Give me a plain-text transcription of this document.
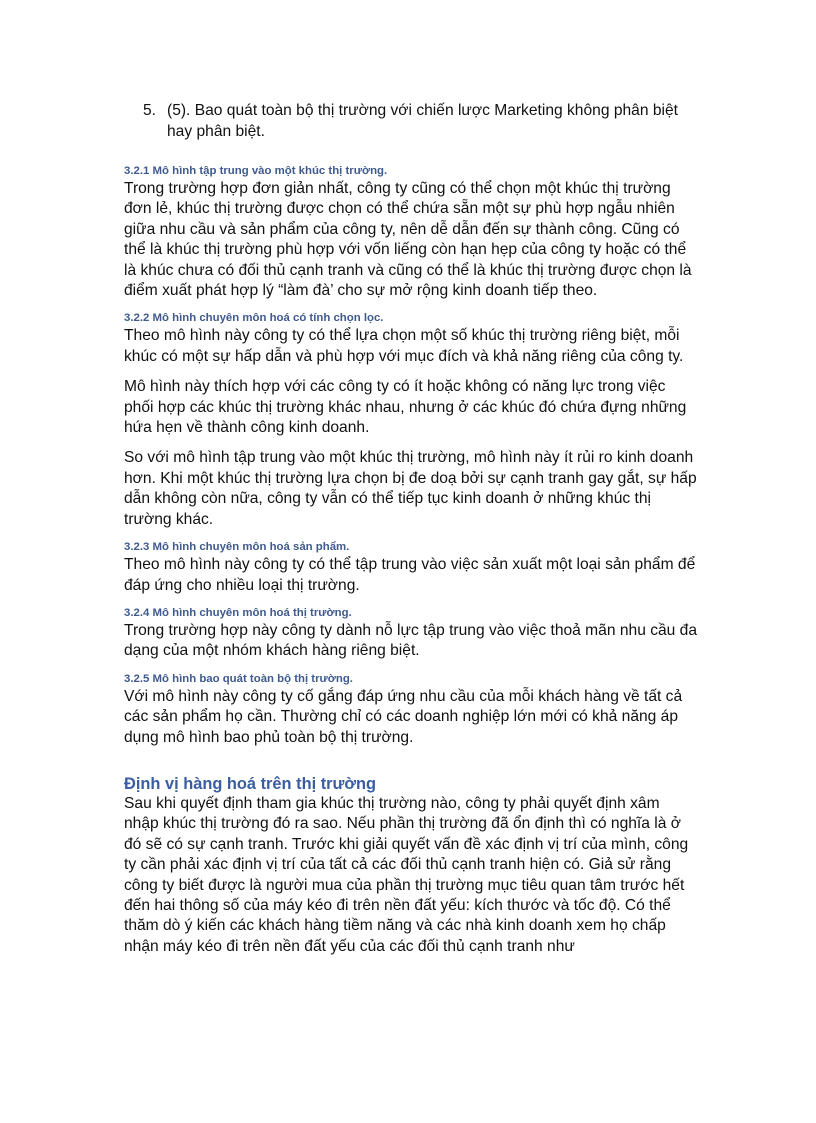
5. (5). Bao quát toàn bộ thị trường với chiến lược Marketing không phân biệt hay phân biệt.
3.2.1 Mô hình tập trung vào một khúc thị trường.

Trong trường hợp đơn giản nhất, công ty cũng có thể chọn một khúc thị trường đơn lẻ, khúc thị trường được chọn có thể chứa sẵn một sự phù hợp ngẫu nhiên giữa nhu cầu và sản phẩm của công ty, nên dễ dẫn đến sự thành công. Cũng có thể là khúc thị trường phù hợp với vốn liếng còn hạn hẹp của công ty hoặc có thể là khúc chưa có đối thủ cạnh tranh và cũng có thể là khúc thị trường được chọn là điểm xuất phát hợp lý “làm đà’ cho sự mở rộng kinh doanh tiếp theo.

3.2.2 Mô hình chuyên môn hoá có tính chọn lọc.

Theo mô hình này công ty có thể lựa chọn một số khúc thị trường riêng biệt, mỗi khúc có một sự hấp dẫn và phù hợp với mục đích và khả năng riêng của công ty.

Mô hình này thích hợp với các công ty có ít hoặc không có năng lực trong việc phối hợp các khúc thị trường khác nhau, nhưng ở các khúc đó chứa đựng những hứa hẹn về thành công kinh doanh.

So với mô hình tập trung vào một khúc thị trường, mô hình này ít rủi ro kinh doanh hơn. Khi một khúc thị trường lựa chọn bị đe doạ bởi sự cạnh tranh gay gắt, sự hấp dẫn không còn nữa, công ty vẫn có thể tiếp tục kinh doanh ở những khúc thị trường khác.

3.2.3 Mô hình chuyên môn hoá sản phẩm.

Theo mô hình này công ty có thể tập trung vào việc sản xuất một loại sản phẩm để đáp ứng cho nhiều loại thị trường.

3.2.4 Mô hình chuyên môn hoá thị trường.

Trong trường hợp này công ty dành nỗ lực tập trung vào việc thoả mãn nhu cầu đa dạng của một nhóm khách hàng riêng biệt.

3.2.5 Mô hình bao quát toàn bộ thị trường.

Với mô hình này công ty cố gắng đáp ứng nhu cầu của mỗi khách hàng về tất cả các sản phẩm họ cần. Thường chỉ có các doanh nghiệp lớn mới có khả năng áp dụng mô hình bao phủ toàn bộ thị trường.

Định vị hàng hoá trên thị trường

Sau khi quyết định tham gia khúc thị trường nào, công ty phải quyết định xâm nhập khúc thị trường đó ra sao. Nếu phần thị trường đã ổn định thì có nghĩa là ở đó sẽ có sự cạnh tranh. Trước khi giải quyết vấn đề xác định vị trí của mình, công ty cần phải xác định vị trí của tất cả các đối thủ cạnh tranh hiện có. Giả sử rằng công ty biết được là người mua của phần thị trường mục tiêu quan tâm trước hết đến hai thông số của máy kéo đi trên nền đất yếu: kích thước và tốc độ. Có thể thăm dò ý kiến các khách hàng tiềm năng và các nhà kinh doanh xem họ chấp nhận máy kéo đi trên nền đất yếu của các đối thủ cạnh tranh như
